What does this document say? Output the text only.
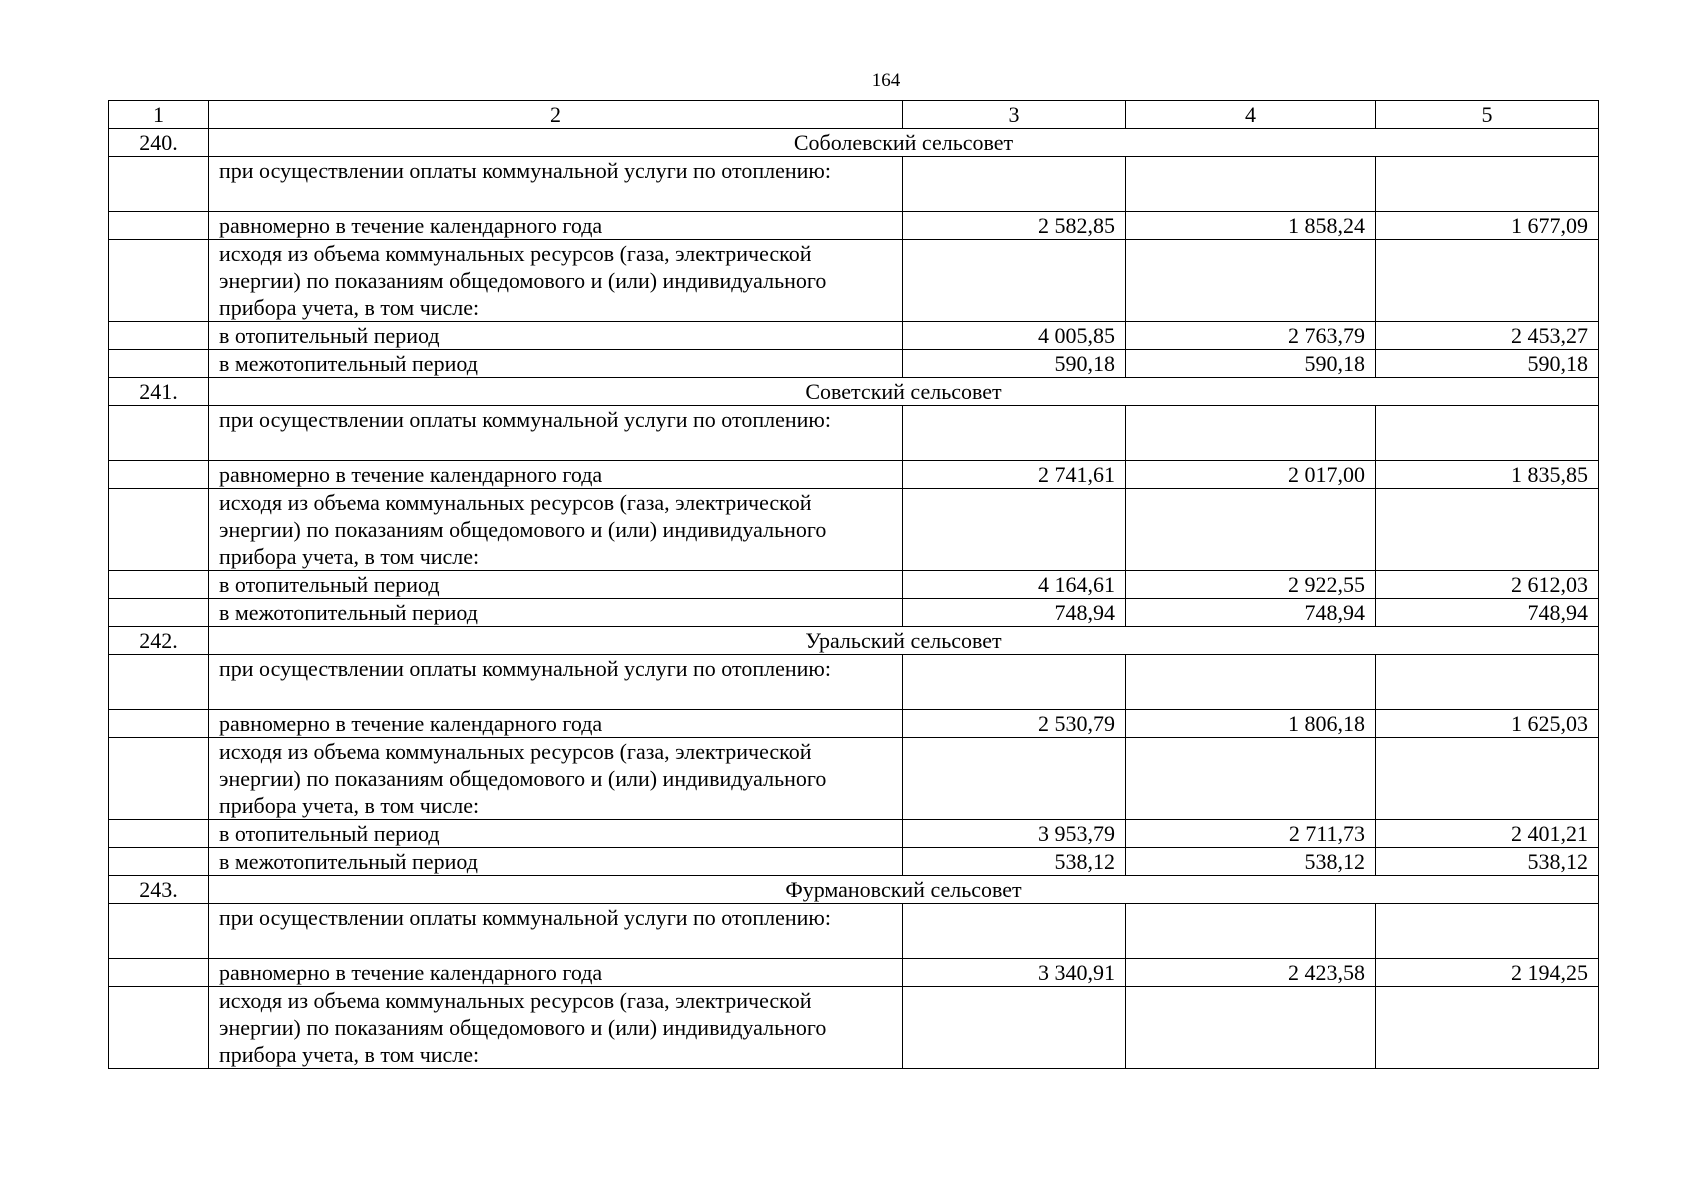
164
1	2	3	4	5
240.	Соболевский сельсовет			
	при осуществлении оплаты коммунальной услуги по отоплению:			
	равномерно в течение календарного года	2 582,85	1 858,24	1 677,09
	исходя из объема коммунальных ресурсов (газа, электрической энергии) по показаниям общедомового и (или) индивидуального прибора учета, в том числе:			
	в отопительный период	4 005,85	2 763,79	2 453,27
	в межотопительный период	590,18	590,18	590,18
241.	Советский сельсовет			
	при осуществлении оплаты коммунальной услуги по отоплению:			
	равномерно в течение календарного года	2 741,61	2 017,00	1 835,85
	исходя из объема коммунальных ресурсов (газа, электрической энергии) по показаниям общедомового и (или) индивидуального прибора учета, в том числе:			
	в отопительный период	4 164,61	2 922,55	2 612,03
	в межотопительный период	748,94	748,94	748,94
242.	Уральский сельсовет			
	при осуществлении оплаты коммунальной услуги по отоплению:			
	равномерно в течение календарного года	2 530,79	1 806,18	1 625,03
	исходя из объема коммунальных ресурсов (газа, электрической энергии) по показаниям общедомового и (или) индивидуального прибора учета, в том числе:			
	в отопительный период	3 953,79	2 711,73	2 401,21
	в межотопительный период	538,12	538,12	538,12
243.	Фурмановский сельсовет			
	при осуществлении оплаты коммунальной услуги по отоплению:			
	равномерно в течение календарного года	3 340,91	2 423,58	2 194,25
	исходя из объема коммунальных ресурсов (газа, электрической энергии) по показаниям общедомового и (или) индивидуального прибора учета, в том числе:			
